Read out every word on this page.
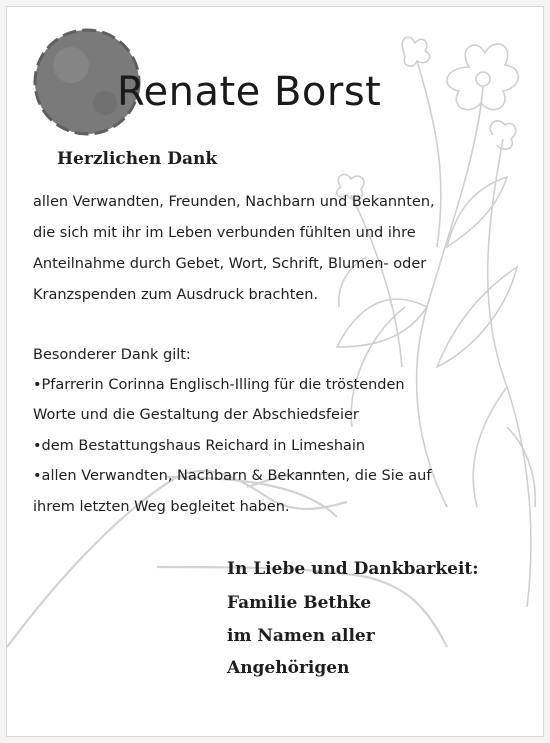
Renate Borst
Herzlichen Dank
allen Verwandten, Freunden, Nachbarn und Bekannten,
die sich mit ihr im Leben verbunden fühlten und ihre
Anteilnahme durch Gebet, Wort, Schrift, Blumen- oder
Kranzspenden zum Ausdruck brachten.
Besonderer Dank gilt:
•Pfarrerin Corinna Englisch-Illing für die tröstenden
Worte und die Gestaltung der Abschiedsfeier
•dem Bestattungshaus Reichard in Limeshain
•allen Verwandten, Nachbarn & Bekannten, die Sie auf
ihrem letzten Weg begleitet haben.
In Liebe und Dankbarkeit:
Familie Bethke
im Namen aller
Angehörigen
